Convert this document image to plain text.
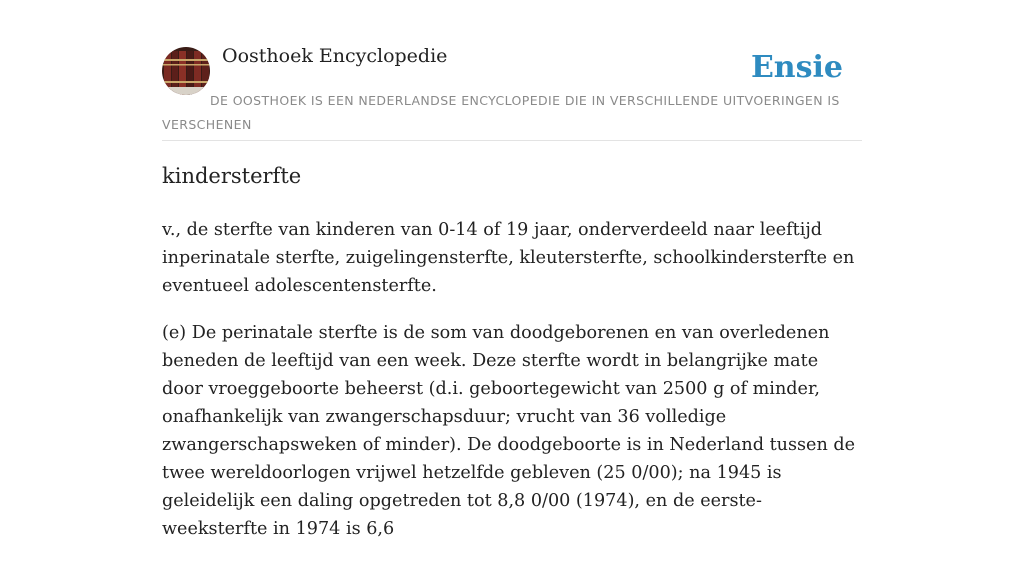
Oosthoek Encyclopedie	Ensie
DE OOSTHOEK IS EEN NEDERLANDSE ENCYCLOPEDIE DIE IN VERSCHILLENDE UITVOERINGEN IS VERSCHENEN
kindersterfte

v., de sterfte van kinderen van 0-14 of 19 jaar, onderverdeeld naar leeftijd inperinatale sterfte, zuigelingensterfte, kleutersterfte, schoolkindersterfte en eventueel adolescentensterfte.

(e) De perinatale sterfte is de som van doodgeborenen en van overledenen beneden de leeftijd van een week. Deze sterfte wordt in belangrijke mate door vroeggeboorte beheerst (d.i. geboortegewicht van 2500 g of minder, onafhankelijk van zwangerschapsduur; vrucht van 36 volledige zwangerschapsweken of minder). De doodgeboorte is in Nederland tussen de twee wereldoorlogen vrijwel hetzelfde gebleven (25 0/00); na 1945 is geleidelijk een daling opgetreden tot 8,8 0/00 (1974), en de eerste-weeksterfte in 1974 is 6,6
